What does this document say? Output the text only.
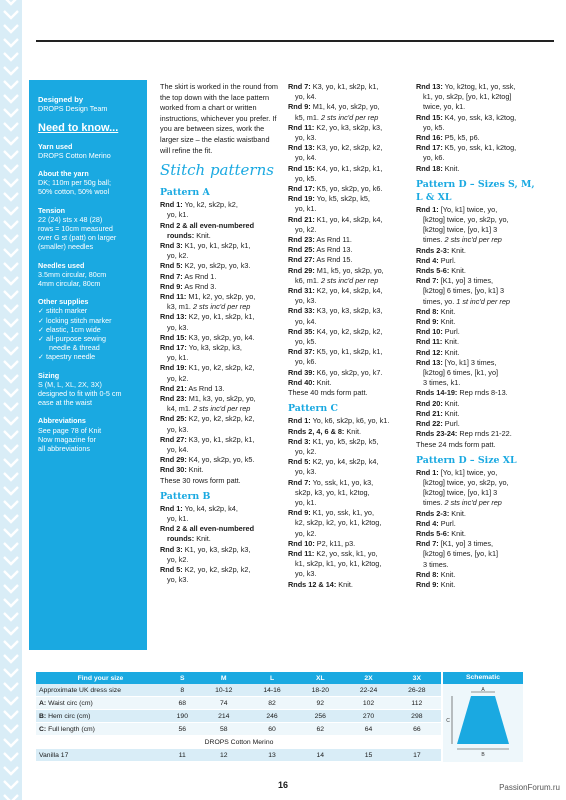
Designed by
DROPS Design Team
Need to know...
Yarn used
DROPS Cotton Merino
About the yarn
DK; 110m per 50g ball;
50% cotton, 50% wool
Tension
22 (24) sts x 48 (28)
rows = 10cm measured
over G st (patt) on larger
(smaller) needles
Needles used
3.5mm circular, 80cm
4mm circular, 80cm
Other supplies
✓ stitch marker
✓ locking stitch marker
✓ elastic, 1cm wide
✓ all-purpose sewing
needle & thread
✓ tapestry needle
Sizing
S (M, L, XL, 2X, 3X)
designed to fit with 0-5 cm
ease at the waist
Abbreviations
See page 78 of Knit
Now magazine for
all abbreviations

The skirt is worked in the round from the top down with the lace pattern worked from a chart or written instructions, whichever you prefer. If you are between sizes, work the larger size – the elastic waistband will refine the fit.

Stitch patterns
Pattern A
Rnd 1: Yo, k2, sk2p, k2,
yo, k1.
Rnd 2 & all even-numbered
rounds: Knit.
Rnd 3: K1, yo, k1, sk2p, k1,
yo, k2.
Rnd 5: K2, yo, sk2p, yo, k3.
Rnd 7: As Rnd 1.
Rnd 9: As Rnd 3.
Rnd 11: M1, k2, yo, sk2p, yo,
k3, m1. 2 sts inc'd per rep
Rnd 13: K2, yo, k1, sk2p, k1,
yo, k3.
Rnd 15: K3, yo, sk2p, yo, k4.
Rnd 17: Yo, k3, sk2p, k3,
yo, k1.
Rnd 19: K1, yo, k2, sk2p, k2,
yo, k2.
Rnd 21: As Rnd 13.
Rnd 23: M1, k3, yo, sk2p, yo,
k4, m1. 2 sts inc'd per rep
Rnd 25: K2, yo, k2, sk2p, k2,
yo, k3.
Rnd 27: K3, yo, k1, sk2p, k1,
yo, k4.
Rnd 29: K4, yo, sk2p, yo, k5.
Rnd 30: Knit.
These 30 rows form patt.
Pattern B
Rnd 1: Yo, k4, sk2p, k4,
yo, k1.
Rnd 2 & all even-numbered
rounds: Knit.
Rnd 3: K1, yo, k3, sk2p, k3,
yo, k2.
Rnd 5: K2, yo, k2, sk2p, k2,
yo, k3.
Rnd 7: K3, yo, k1, sk2p, k1,
yo, k4.
Rnd 9: M1, k4, yo, sk2p, yo,
k5, m1. 2 sts inc'd per rep
Rnd 11: K2, yo, k3, sk2p, k3,
yo, k3.
Rnd 13: K3, yo, k2, sk2p, k2,
yo, k4.
Rnd 15: K4, yo, k1, sk2p, k1,
yo, k5.
Rnd 17: K5, yo, sk2p, yo, k6.
Rnd 19: Yo, k5, sk2p, k5,
yo, k1.
Rnd 21: K1, yo, k4, sk2p, k4,
yo, k2.
Rnd 23: As Rnd 11.
Rnd 25: As Rnd 13.
Rnd 27: As Rnd 15.
Rnd 29: M1, k5, yo, sk2p, yo,
k6, m1. 2 sts inc'd per rep
Rnd 31: K2, yo, k4, sk2p, k4,
yo, k3.
Rnd 33: K3, yo, k3, sk2p, k3,
yo, k4.
Rnd 35: K4, yo, k2, sk2p, k2,
yo, k5.
Rnd 37: K5, yo, k1, sk2p, k1,
yo, k6.
Rnd 39: K6, yo, sk2p, yo, k7.
Rnd 40: Knit.
These 40 rnds form patt.
Pattern C
Rnd 1: Yo, k6, sk2p, k6, yo, k1.
Rnds 2, 4, 6 & 8: Knit.
Rnd 3: K1, yo, k5, sk2p, k5,
yo, k2.
Rnd 5: K2, yo, k4, sk2p, k4,
yo, k3.
Rnd 7: Yo, ssk, k1, yo, k3,
sk2p, k3, yo, k1, k2tog,
yo, k1.
Rnd 9: K1, yo, ssk, k1, yo,
k2, sk2p, k2, yo, k1, k2tog,
yo, k2.
Rnd 10: P2, k11, p3.
Rnd 11: K2, yo, ssk, k1, yo,
k1, sk2p, k1, yo, k1, k2tog,
yo, k3.
Rnds 12 & 14: Knit.
Rnd 13: Yo, k2tog, k1, yo, ssk,
k1, yo, sk2p, [yo, k1, k2tog]
twice, yo, k1.
Rnd 15: K4, yo, ssk, k3, k2tog,
yo, k5.
Rnd 16: P5, k5, p6.
Rnd 17: K5, yo, ssk, k1, k2tog,
yo, k6.
Rnd 18: Knit.
Pattern D – Sizes S, M,
L & XL
Rnd 1: [Yo, k1] twice, yo,
[k2tog] twice, yo, sk2p, yo,
[k2tog] twice, [yo, k1] 3
times. 2 sts inc'd per rep
Rnds 2-3: Knit.
Rnd 4: Purl.
Rnds 5-6: Knit.
Rnd 7: [K1, yo] 3 times,
[k2tog] 6 times, [yo, k1] 3
times, yo. 1 st inc'd per rep
Rnd 8: Knit.
Rnd 9: Knit.
Rnd 10: Purl.
Rnd 11: Knit.
Rnd 12: Knit.
Rnd 13: [Yo, k1] 3 times,
[k2tog] 6 times, [k1, yo]
3 times, k1.
Rnds 14-19: Rep rnds 8-13.
Rnd 20: Knit.
Rnd 21: Knit.
Rnd 22: Purl.
Rnds 23-24: Rep rnds 21-22.
These 24 rnds form patt.
Pattern D – Size XL
Rnd 1: [Yo, k1] twice, yo,
[k2tog] twice, yo, sk2p, yo,
[k2tog] twice, [yo, k1] 3
times. 2 sts inc'd per rep
Rnds 2-3: Knit.
Rnd 4: Purl.
Rnds 5-6: Knit.
Rnd 7: [K1, yo] 3 times,
[k2tog] 6 times, [yo, k1]
3 times.
Rnd 8: Knit.
Rnd 9: Knit.
Find your size	S	M	L	XL	2X	3X
Approximate UK dress size	8	10-12	14-16	18-20	22-24	26-28
A: Waist circ (cm)	68	74	82	92	102	112
B: Hem circ (cm)	190	214	246	256	270	298
C: Full length (cm)	56	58	60	62	64	66
DROPS Cotton Merino						
Vanilla 17	11	12	13	14	15	17
Schematic
A
B
C
16	PassionForum.ru
